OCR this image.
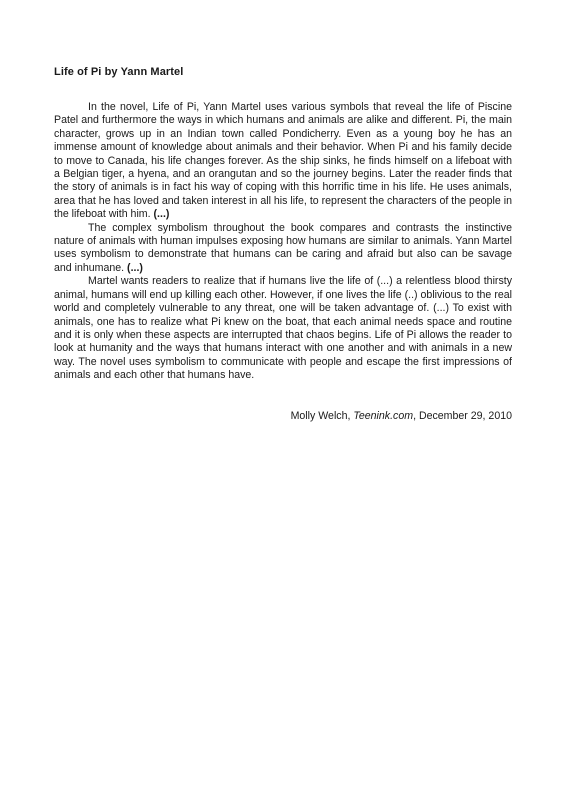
Life of Pi by Yann Martel

In the novel, Life of Pi, Yann Martel uses various symbols that reveal the life of Piscine Patel and furthermore the ways in which humans and animals are alike and different. Pi, the main character, grows up in an Indian town called Pondicherry. Even as a young boy he has an immense amount of knowledge about animals and their behavior. When Pi and his family decide to move to Canada, his life changes forever. As the ship sinks, he finds himself on a lifeboat with a Belgian tiger, a hyena, and an orangutan and so the journey begins. Later the reader finds that the story of animals is in fact his way of coping with this horrific time in his life. He uses animals, area that he has loved and taken interest in all his life, to represent the characters of the people in the lifeboat with him. (...)

The complex symbolism throughout the book compares and contrasts the instinctive nature of animals with human impulses exposing how humans are similar to animals. Yann Martel uses symbolism to demonstrate that humans can be caring and afraid but also can be savage and inhumane. (...)

Martel wants readers to realize that if humans live the life of (...) a relentless blood thirsty animal, humans will end up killing each other. However, if one lives the life (..) oblivious to the real world and completely vulnerable to any threat, one will be taken advantage of. (...) To exist with animals, one has to realize what Pi knew on the boat, that each animal needs space and routine and it is only when these aspects are interrupted that chaos begins. Life of Pi allows the reader to look at humanity and the ways that humans interact with one another and with animals in a new way. The novel uses symbolism to communicate with people and escape the first impressions of animals and each other that humans have.

Molly Welch, Teenink.com, December 29, 2010
